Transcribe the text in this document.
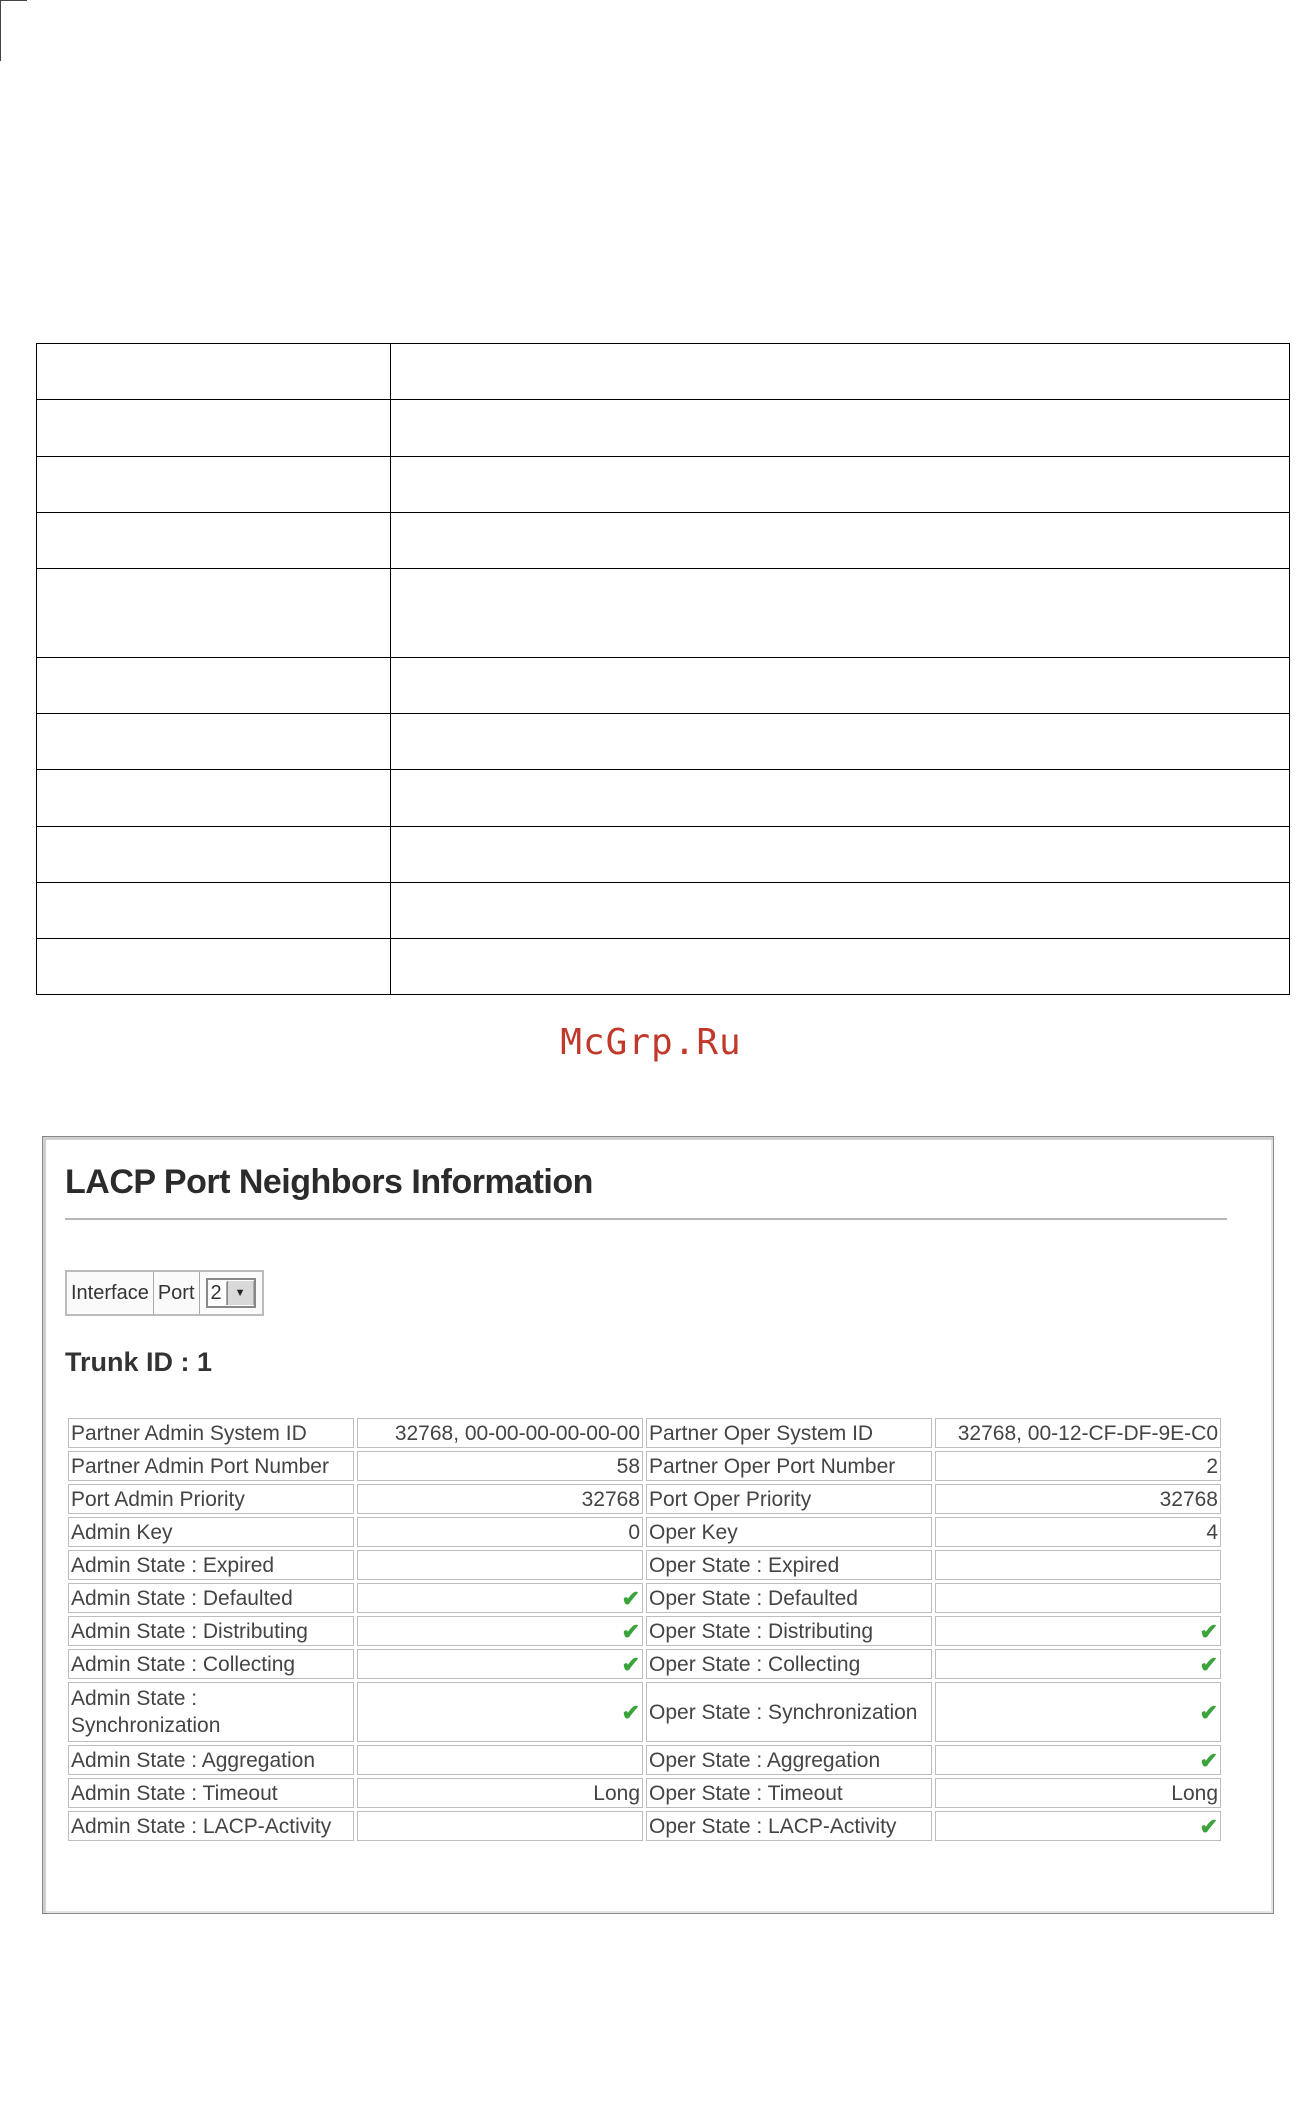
McGrp.Ru
LACP Port Neighbors Information
Interface Port 2	▼
Trunk ID : 1
Partner Admin System ID	32768, 00-00-00-00-00-00	Partner Oper System ID	32768, 00-12-CF-DF-9E-C0
Partner Admin Port Number	58	Partner Oper Port Number	2
Port Admin Priority	32768	Port Oper Priority	32768
Admin Key	0	Oper Key	4
Admin State : Expired		Oper State : Expired	
Admin State : Defaulted	✔	Oper State : Defaulted	
Admin State : Distributing	✔	Oper State : Distributing	✔
Admin State : Collecting	✔	Oper State : Collecting	✔
Admin State : Synchronization	✔	Oper State : Synchronization	✔
Admin State : Aggregation		Oper State : Aggregation	✔
Admin State : Timeout	Long	Oper State : Timeout	Long
Admin State : LACP-Activity		Oper State : LACP-Activity	✔
